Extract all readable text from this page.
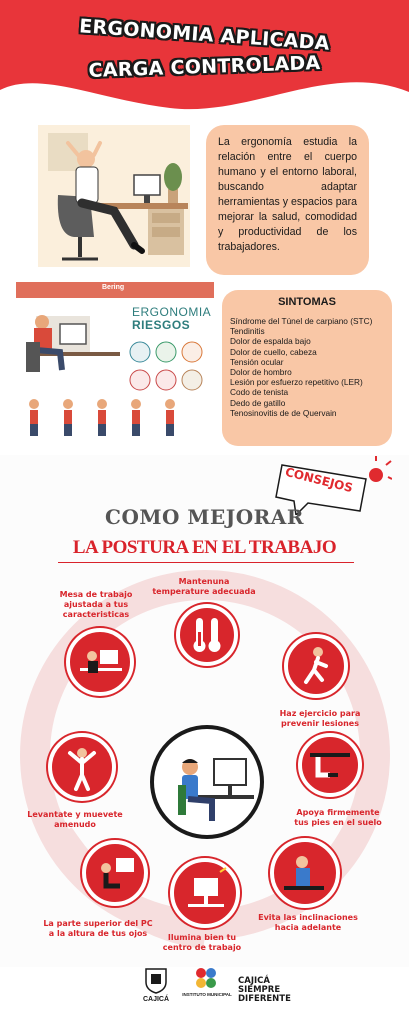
ERGONOMIA APLICADA
CARGA CONTROLADA
La ergonomía estudia la relación entre el cuerpo humano y el entorno laboral, buscando adaptar herramientas y espacios para mejorar la salud, comodidad y productividad de los trabajadores.
Bering
ERGONOMIA
RIESGOS
SINTOMAS
Síndrome del Túnel de carpiano (STC)
Tendinitis
Dolor de espalda bajo
Dolor de cuello, cabeza
Tensión ocular
Dolor de hombro
Lesión por esfuerzo repetitivo (LER)
Codo de tenista
Dedo de gatillo
Tenosinovitis de de Quervain
CONSEJOS
COMO MEJORAR
LA POSTURA EN EL TRABAJO
Mantenuna temperature adecuada
Mesa de trabajo ajustada a tus caracteristicas
Haz ejercicio para prevenir lesiones
Levantate y muevete amenudo
Apoya firmemente tus pies en el suelo
La parte superior del PC a la altura de tus ojos
Evita las inclinaciones hacia adelante
Ilumina bien tu centro de trabajo
CAJICÁ
INSTITUTO MUNICIPAL
CAJICÁ SIEMPRE DIFERENTE
